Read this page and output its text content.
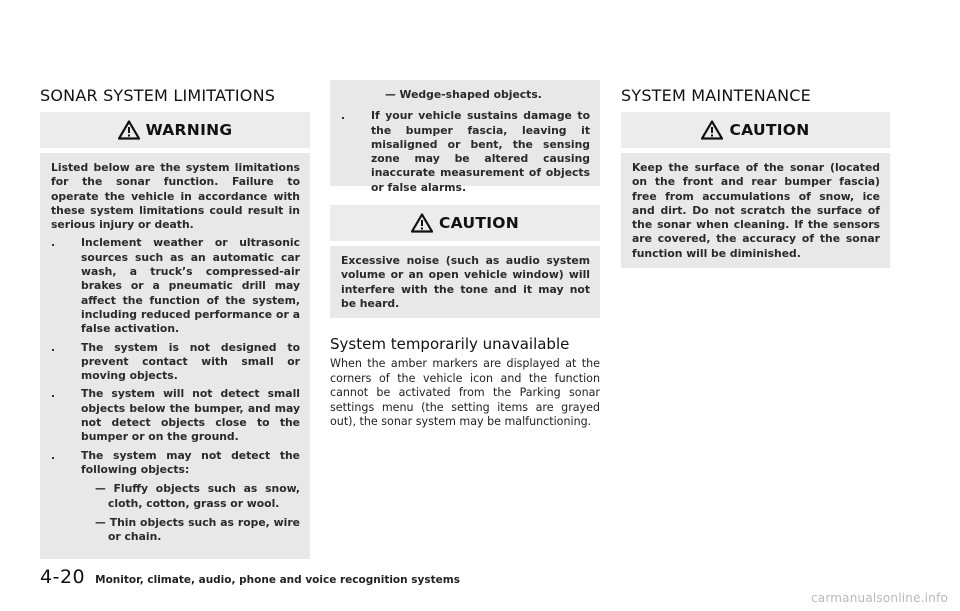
SONAR SYSTEM LIMITATIONS
WARNING

Listed below are the system limitations for the sonar function. Failure to operate the vehicle in accordance with these system limitations could result in serious injury or death.

. Inclement weather or ultrasonic sources such as an automatic car wash, a truck’s compressed-air brakes or a pneumatic drill may affect the function of the system, including reduced performance or a false activation.
. The system is not designed to prevent contact with small or moving objects.
. The system will not detect small objects below the bumper, and may not detect objects close to the bumper or on the ground.
. The system may not detect the following objects:
— Fluffy objects such as snow, cloth, cotton, grass or wool.
— Thin objects such as rope, wire or chain.
— Wedge-shaped objects.
. If your vehicle sustains damage to the bumper fascia, leaving it misaligned or bent, the sensing zone may be altered causing inaccurate measurement of objects or false alarms.
CAUTION

Excessive noise (such as audio system volume or an open vehicle window) will interfere with the tone and it may not be heard.

System temporarily unavailable
When the amber markers are displayed at the corners of the vehicle icon and the function cannot be activated from the Parking sonar settings menu (the setting items are grayed out), the sonar system may be malfunctioning.
SYSTEM MAINTENANCE
CAUTION

Keep the surface of the sonar (located on the front and rear bumper fascia) free from accumulations of snow, ice and dirt. Do not scratch the surface of the sonar when cleaning. If the sensors are covered, the accuracy of the sonar function will be diminished.

4-20 Monitor, climate, audio, phone and voice recognition systems
carmanualsonline.info
